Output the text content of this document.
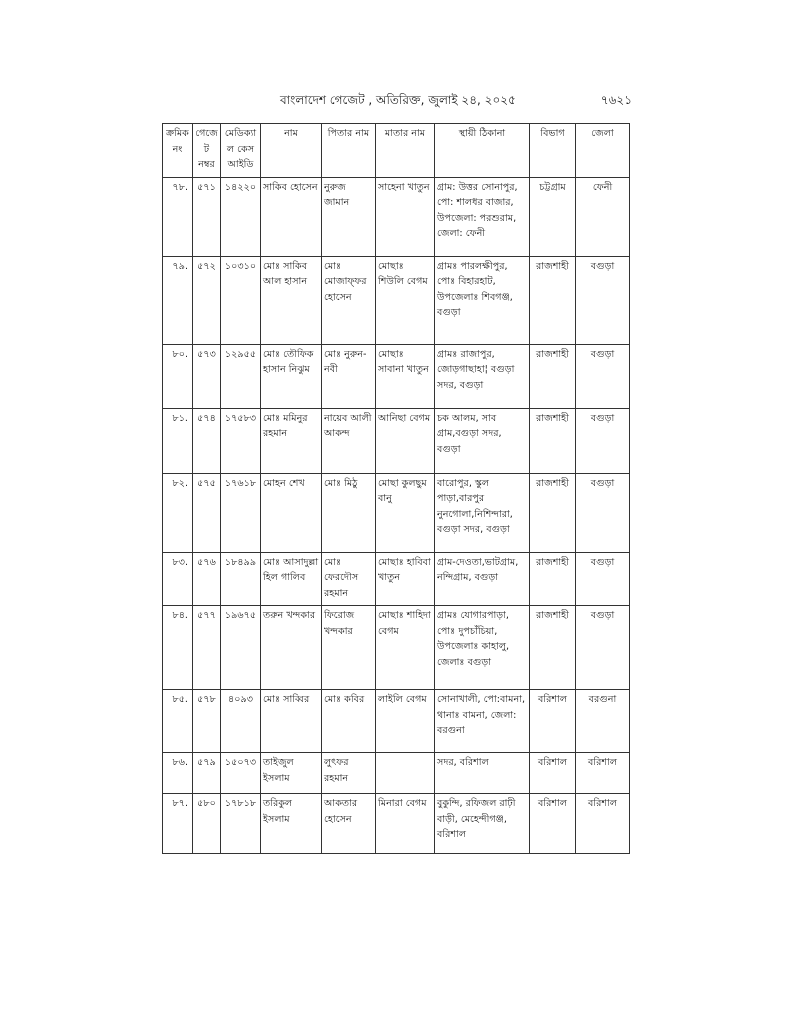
বাংলাদেশ গেজেট , অতিরিক্ত, জুলাই ২৪, ২০২৫	৭৬২১
ক্রমিক নং	গেজেট নম্বর	মেডিক্যাল কেস আইডি	নাম	পিতার নাম	মাতার নাম	স্থায়ী ঠিকানা	বিভাগ	জেলা
৭৮.	৫৭১	১৪২২০	সাকিব হোসেন	নুরুজ জামান	সাহেনা খাতুন	গ্রাম: উত্তর সোনাপুর, পো: শালধর বাজার, উপজেলা: পরশুরাম, জেলা: ফেনী	চট্টগ্রাম	ফেনী
৭৯.	৫৭২	১০৩১০	মোঃ সাকিব আল হাসান	মোঃ মোজাফ্ফর হোসেন	মোছাঃ শিউলি বেগম	গ্রামঃ পারলক্ষীপুর, পোঃ বিহারহাট, উপজেলাঃ শিবগঞ্জ, বগুড়া	রাজশাহী	বগুড়া
৮০.	৫৭৩	১২৯৫৫	মোঃ তৌফিক হাসান নিঝুম	মোঃ নুরুন-নবী	মোছাঃ সাবানা খাতুন	গ্রামঃ রাজাপুর, জোড়গাছাহা¦ বগুড়া সদর, বগুড়া	রাজশাহী	বগুড়া
৮১.	৫৭৪	১৭৫৮৩	মোঃ মমিনুর রহমান	নায়েব আলী আকন্দ	আনিছা বেগম	চক আলম, সাব গ্রাম,বগুড়া সদর, বগুড়া	রাজশাহী	বগুড়া
৮২.	৫৭৫	১৭৬১৮	মোহন শেখ	মোঃ মিঠু	মোছা কুলছুম বানু	বারোপুর, স্কুল পাড়া,বারপুর নুনগোলা,নিশিন্দারা, বগুড়া সদর, বগুড়া	রাজশাহী	বগুড়া
৮৩.	৫৭৬	১৮৪৯৯	মোঃ আসাদুল্লা হিল গালিব	মোঃ ফেরদৌস রহমান	মোছাঃ হাবিবা খাতুন	গ্রাম-দেওতা,ভাটগ্রাম, নন্দিগ্রাম, বগুড়া	রাজশাহী	বগুড়া
৮৪.	৫৭৭	১৯৬৭৫	তরুন খন্দকার	ফিরোজ খন্দকার	মোছাঃ শাহিদা বেগম	গ্রামঃ যোগারপাড়া, পোঃ দুপচাঁচিয়া, উপজেলাঃ কাহালু, জেলাঃ বগুড়া	রাজশাহী	বগুড়া
৮৫.	৫৭৮	৪০৯৩	মোঃ সাব্বির	মোঃ কবির	লাইলি বেগম	সোনাখালী, পো:বামনা, থানাঃ বামনা, জেলা: বরগুনা	বরিশাল	বরগুনা
৮৬.	৫৭৯	১৫০৭৩	তাইজুল ইসলাম	লুৎফর রহমান		সদর, বরিশাল	বরিশাল	বরিশাল
৮৭.	৫৮০	১৭৮১৮	তরিকুল ইসলাম	আকতার হোসেন	মিনারা বেগম	বুকুন্দি, রফিজল রাঢ়ী বাড়ী, মেহেন্দীগঞ্জ, বরিশাল	বরিশাল	বরিশাল
